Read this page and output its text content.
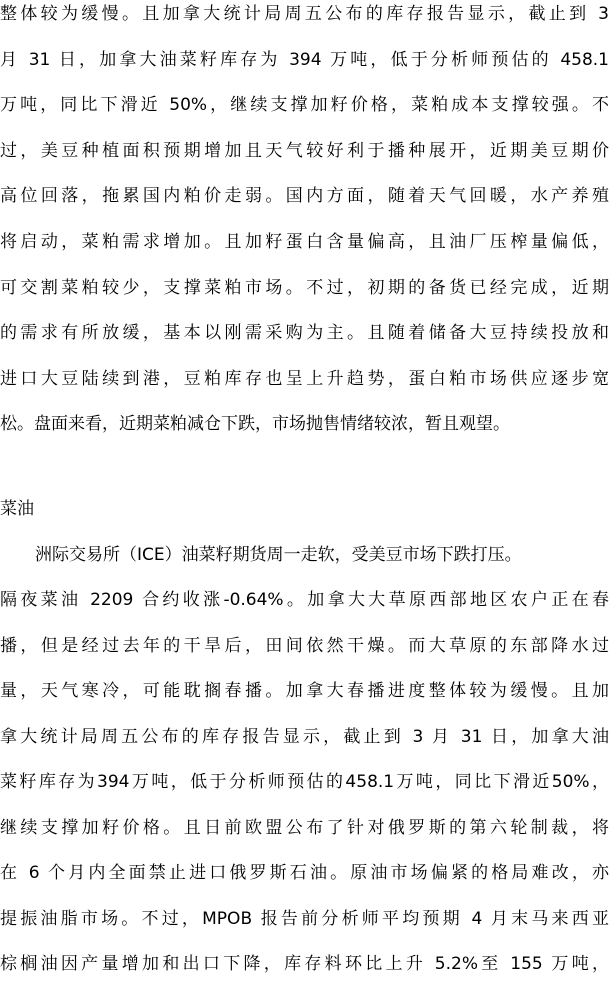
整体较为缓慢。且加拿大统计局周五公布的库存报告显示，截止到 3
月 31 日，加拿大油菜籽库存为 394 万吨，低于分析师预估的 458.1
万吨，同比下滑近 50%，继续支撑加籽价格，菜粕成本支撑较强。不
过，美豆种植面积预期增加且天气较好利于播种展开，近期美豆期价
高位回落，拖累国内粕价走弱。国内方面，随着天气回暖，水产养殖
将启动，菜粕需求增加。且加籽蛋白含量偏高，且油厂压榨量偏低，
可交割菜粕较少，支撑菜粕市场。不过，初期的备货已经完成，近期
的需求有所放缓，基本以刚需采购为主。且随着储备大豆持续投放和
进口大豆陆续到港，豆粕库存也呈上升趋势，蛋白粕市场供应逐步宽
松。盘面来看，近期菜粕减仓下跌，市场抛售情绪较浓，暂且观望。
菜油
洲际交易所（ICE）油菜籽期货周一走软，受美豆市场下跌打压。
隔夜菜油 2209 合约收涨-0.64%。加拿大大草原西部地区农户正在春
播，但是经过去年的干旱后，田间依然干燥。而大草原的东部降水过
量，天气寒冷，可能耽搁春播。加拿大春播进度整体较为缓慢。且加
拿大统计局周五公布的库存报告显示，截止到 3 月 31 日，加拿大油
菜籽库存为394万吨，低于分析师预估的458.1万吨，同比下滑近50%，
继续支撑加籽价格。且日前欧盟公布了针对俄罗斯的第六轮制裁，将
在 6 个月内全面禁止进口俄罗斯石油。原油市场偏紧的格局难改，亦
提振油脂市场。不过，MPOB 报告前分析师平均预期 4 月末马来西亚
棕榈油因产量增加和出口下降，库存料环比上升 5.2%至 155 万吨，
